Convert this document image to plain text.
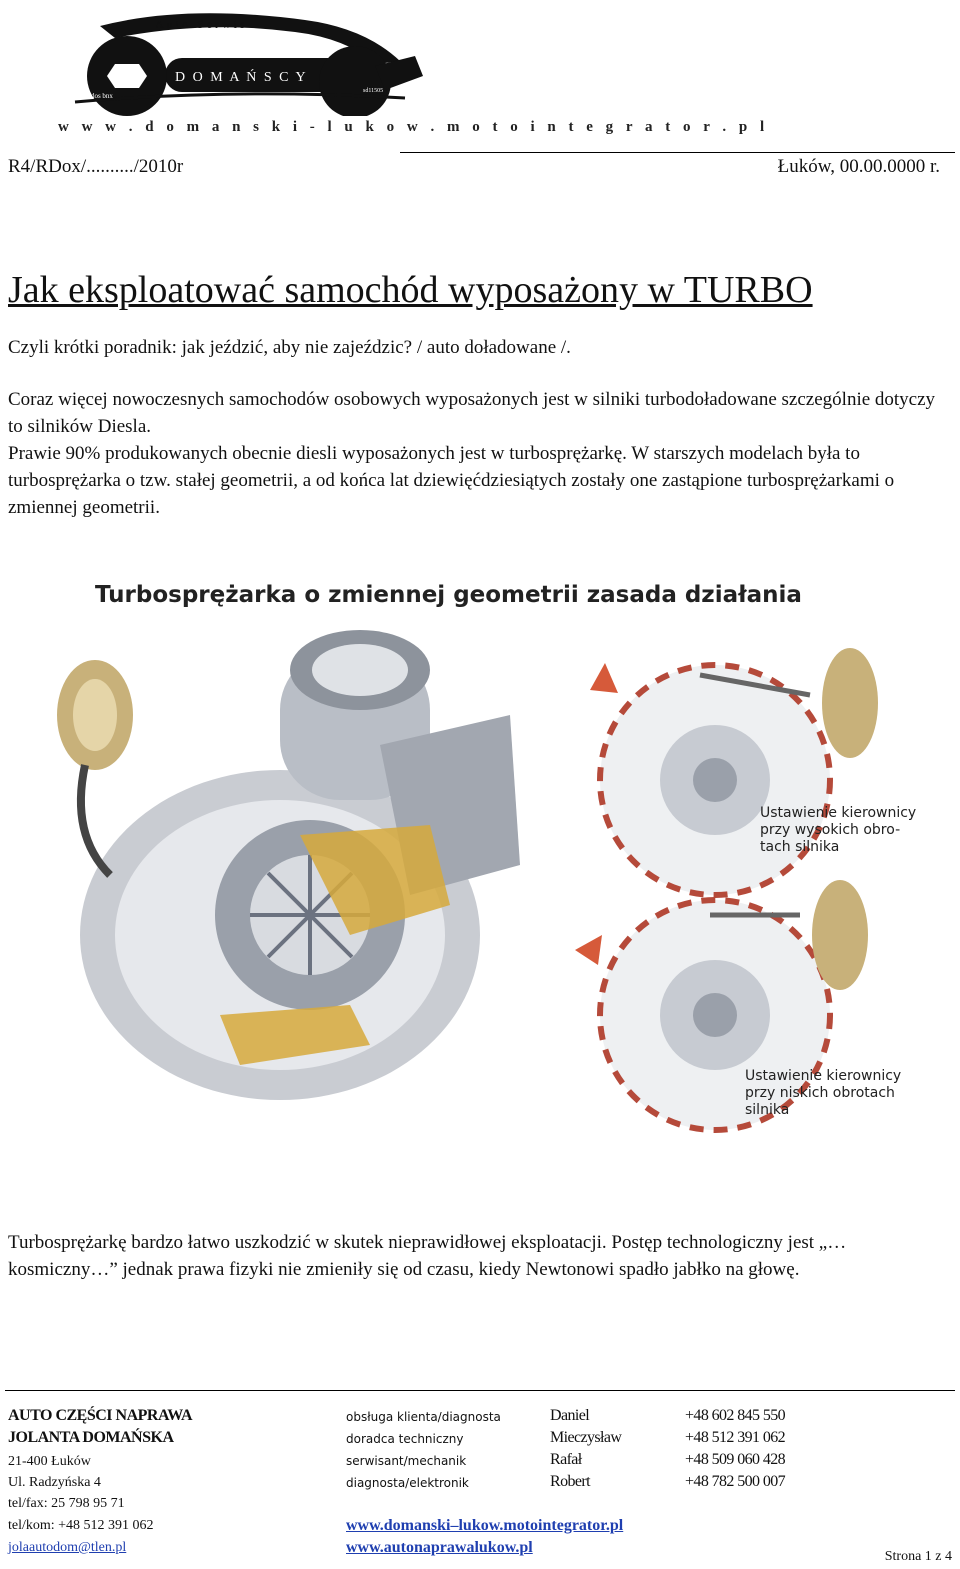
Auto Serwis
D O M A Ń S C Y
idos bnx
sd11505
w w w . d o m a n s k i - l u k o w . m o t o i n t e g r a t o r . p l
R4/RDox/........../2010r	Łuków, 00.00.0000 r.
Jak eksploatować samochód wyposażony w TURBO
Czyli krótki poradnik: jak jeździć, aby nie zajeździc? / auto doładowane /.
Coraz więcej nowoczesnych samochodów osobowych wyposażonych jest w silniki turbodoładowane szczególnie dotyczy to silników Diesla.
Prawie 90% produkowanych obecnie diesli wyposażonych jest w turbosprężarkę. W starszych modelach była to turbosprężarka o tzw. stałej geometrii, a od końca lat dziewięćdziesiątych zostały one zastąpione turbosprężarkami o zmiennej geometrii.
Turbosprężarka o zmiennej geometrii zasada działania
Ustawienie kierownicy
przy wysokich obro-
tach silnika
Ustawienie kierownicy
przy niskich obrotach
silnika
Turbosprężarkę bardzo łatwo uszkodzić w skutek nieprawidłowej eksploatacji. Postęp technologiczny jest „…kosmiczny…” jednak prawa fizyki nie zmieniły się od czasu, kiedy Newtonowi spadło jabłko na głowę.
AUTO CZĘŚCI NAPRAWA
JOLANTA DOMAŃSKA
21-400 Łuków
Ul. Radzyńska 4
tel/fax: 25 798 95 71
tel/kom: +48 512 391 062
jolaautodom@tlen.pl
obsługa klienta/diagnosta
doradca techniczny
serwisant/mechanik
diagnosta/elektronik
Daniel
Mieczysław
Rafał
Robert
+48 602 845 550
+48 512 391 062
+48 509 060 428
+48 782 500 007
www.domanski–lukow.motointegrator.pl
www.autonaprawalukow.pl
Strona 1 z 4
